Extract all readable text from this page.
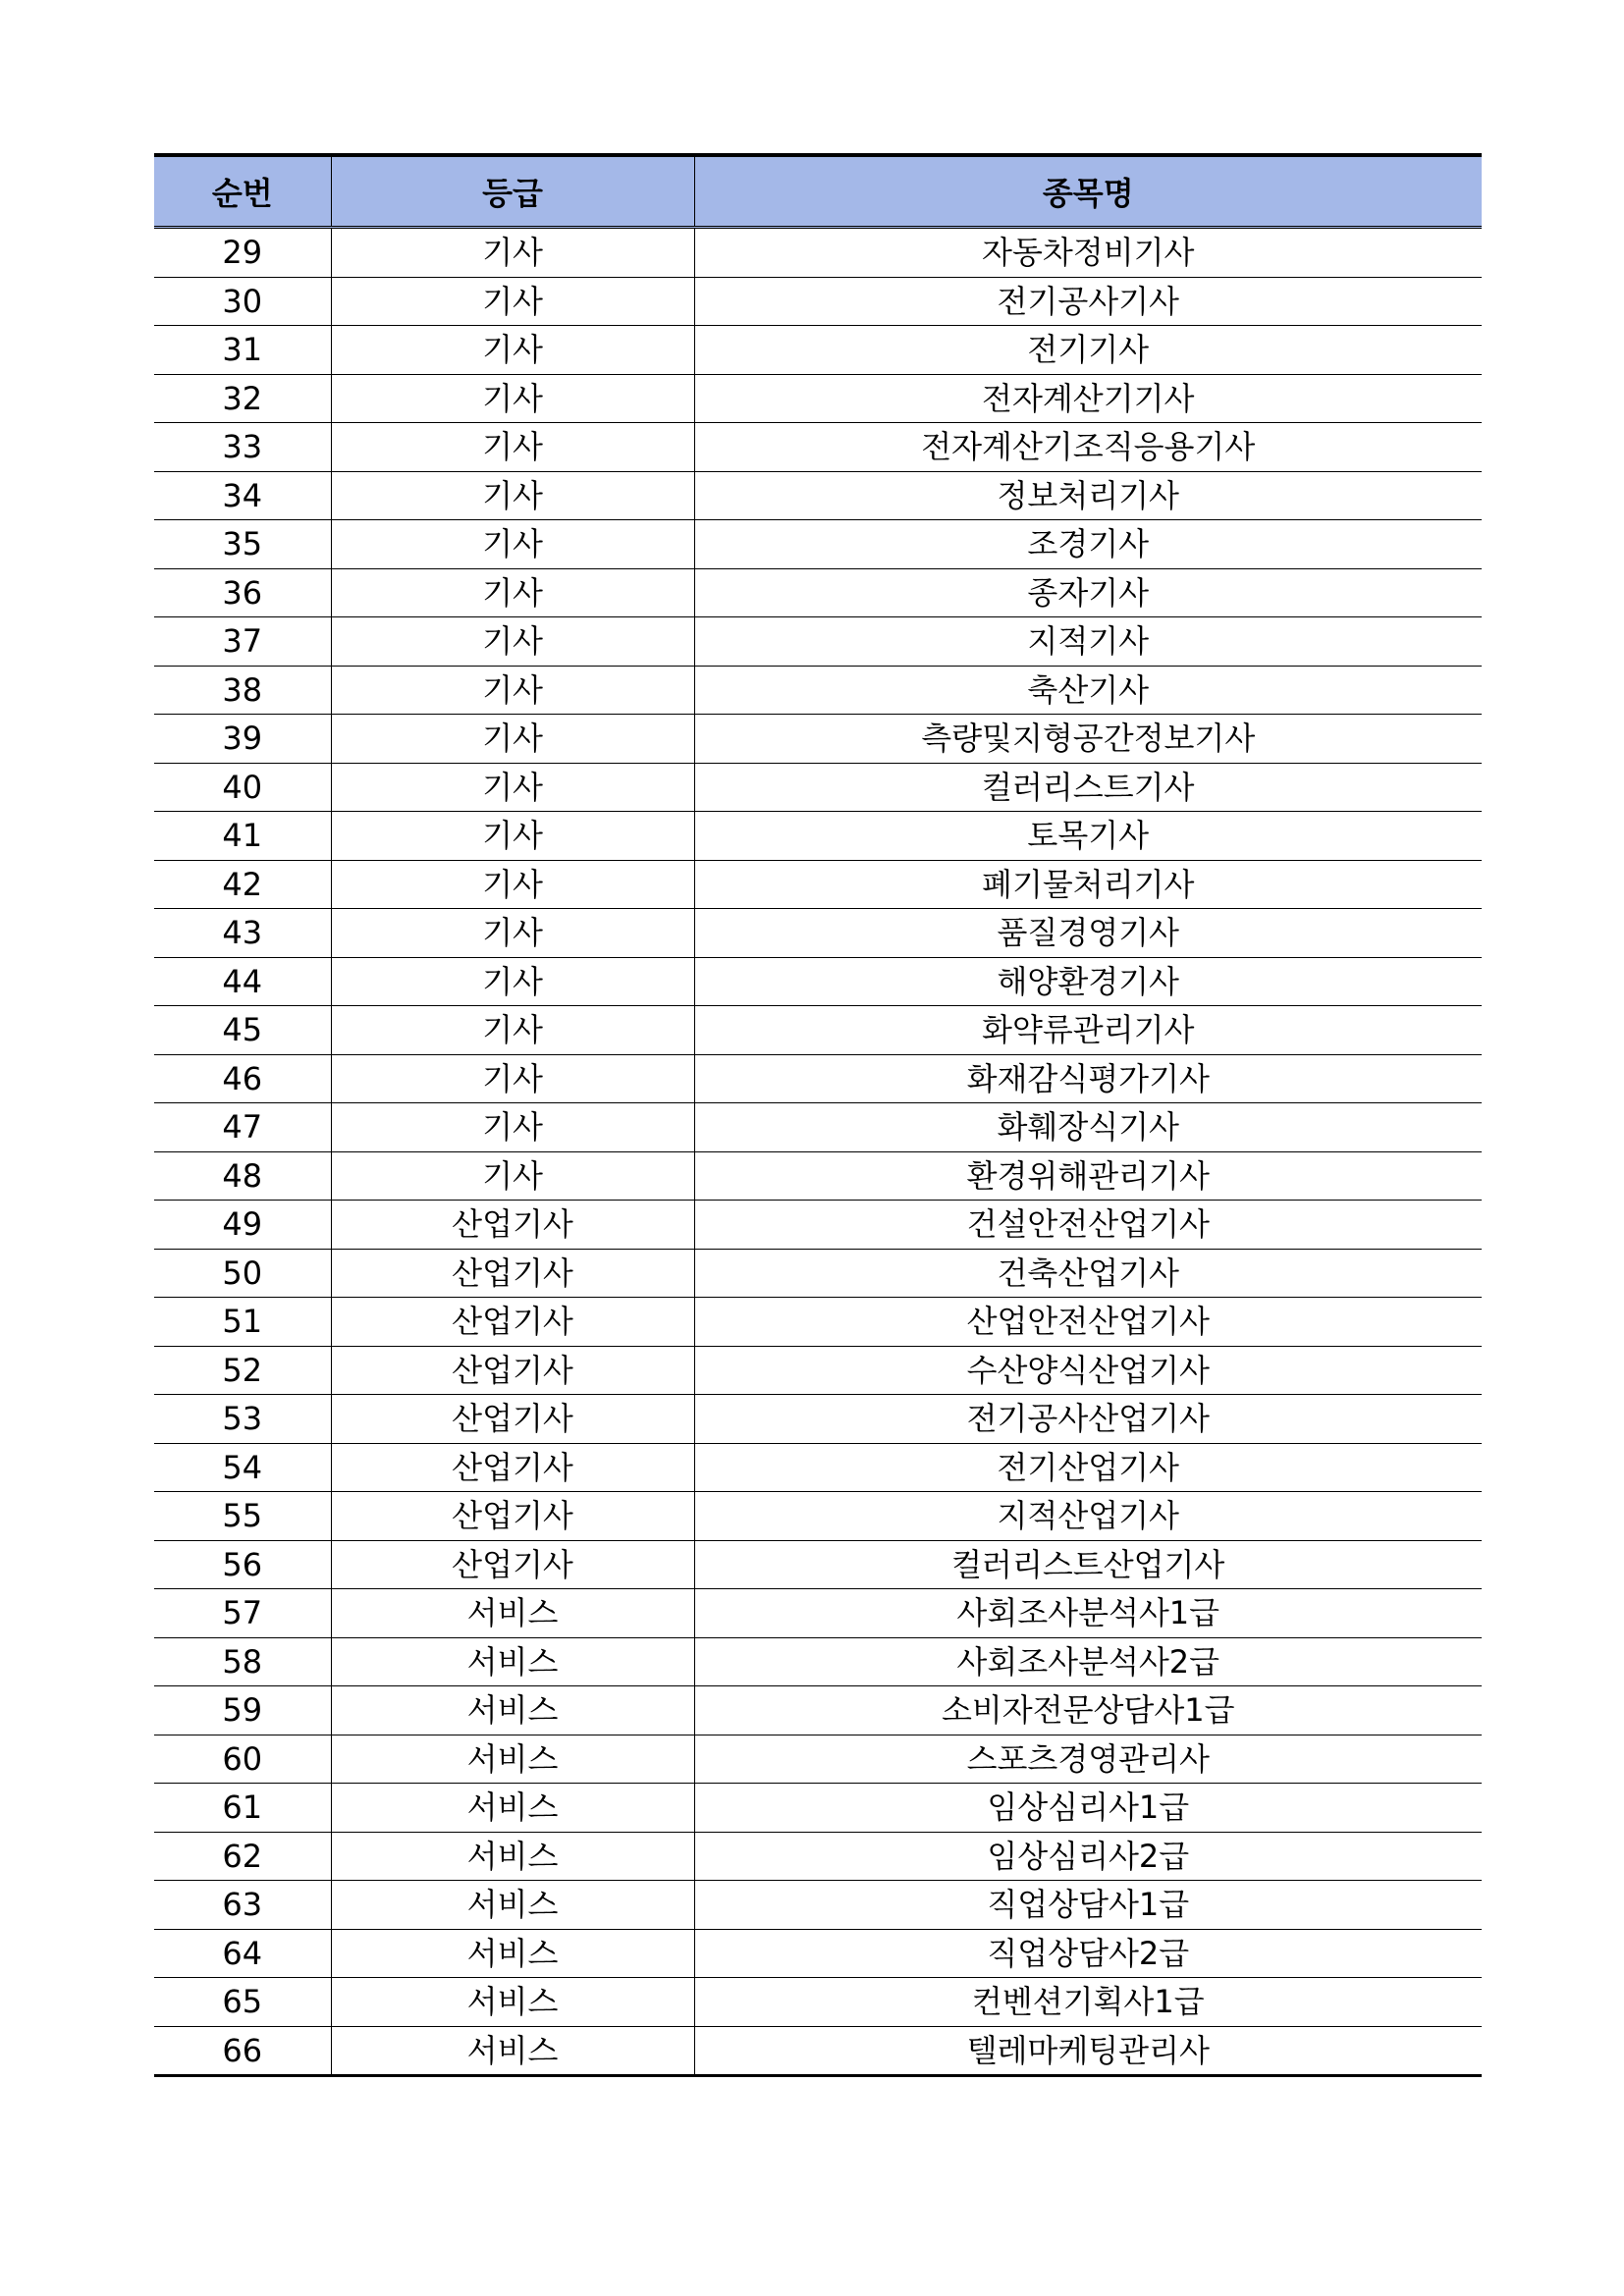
순번	등급	종목명
29	기사	자동차정비기사
30	기사	전기공사기사
31	기사	전기기사
32	기사	전자계산기기사
33	기사	전자계산기조직응용기사
34	기사	정보처리기사
35	기사	조경기사
36	기사	종자기사
37	기사	지적기사
38	기사	축산기사
39	기사	측량및지형공간정보기사
40	기사	컬러리스트기사
41	기사	토목기사
42	기사	폐기물처리기사
43	기사	품질경영기사
44	기사	해양환경기사
45	기사	화약류관리기사
46	기사	화재감식평가기사
47	기사	화훼장식기사
48	기사	환경위해관리기사
49	산업기사	건설안전산업기사
50	산업기사	건축산업기사
51	산업기사	산업안전산업기사
52	산업기사	수산양식산업기사
53	산업기사	전기공사산업기사
54	산업기사	전기산업기사
55	산업기사	지적산업기사
56	산업기사	컬러리스트산업기사
57	서비스	사회조사분석사1급
58	서비스	사회조사분석사2급
59	서비스	소비자전문상담사1급
60	서비스	스포츠경영관리사
61	서비스	임상심리사1급
62	서비스	임상심리사2급
63	서비스	직업상담사1급
64	서비스	직업상담사2급
65	서비스	컨벤션기획사1급
66	서비스	텔레마케팅관리사
